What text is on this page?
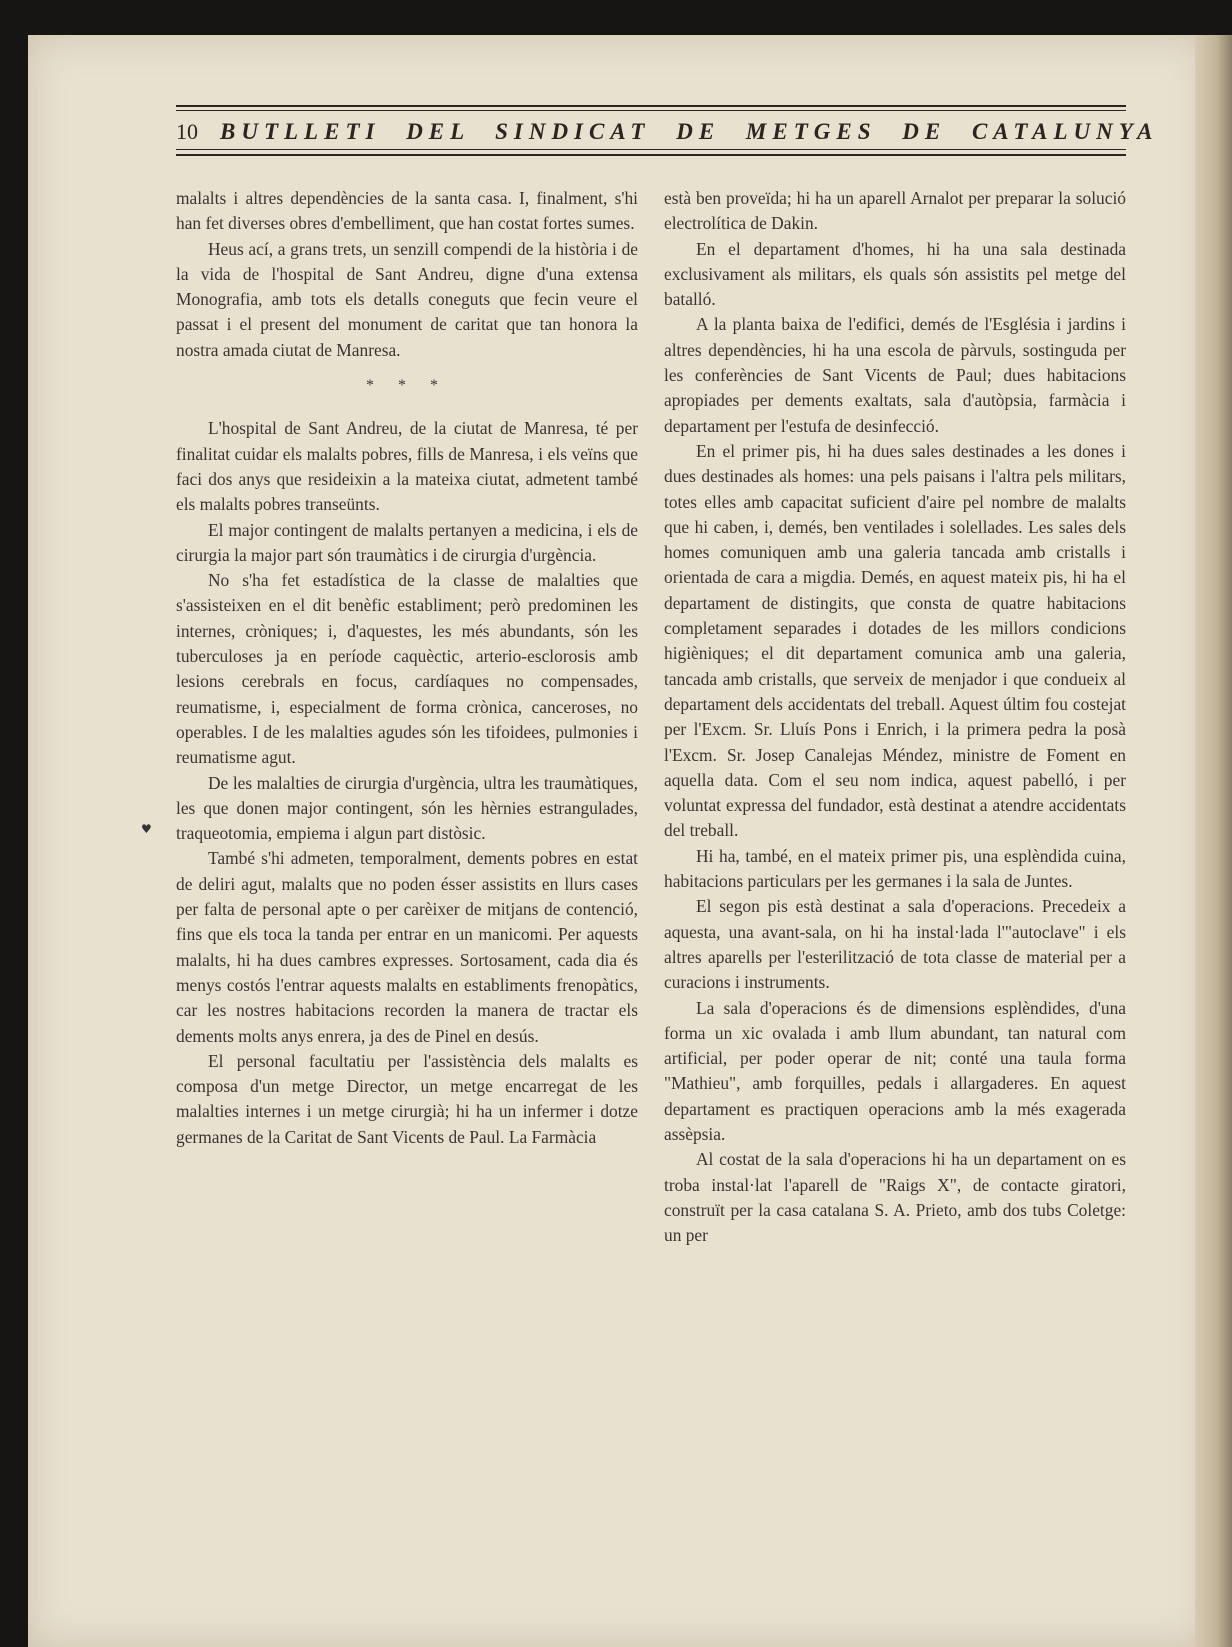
10 BUTLLETI DEL SINDICAT DE METGES DE CATALUNYA
♥

malalts i altres dependències de la santa casa. I, finalment, s'hi han fet diverses obres d'embelliment, que han costat fortes sumes.

Heus ací, a grans trets, un senzill compendi de la història i de la vida de l'hospital de Sant Andreu, digne d'una extensa Monografia, amb tots els detalls coneguts que fecin veure el passat i el present del monument de caritat que tan honora la nostra amada ciutat de Manresa.

* * *

L'hospital de Sant Andreu, de la ciutat de Manresa, té per finalitat cuidar els malalts pobres, fills de Manresa, i els veïns que faci dos anys que resideixin a la mateixa ciutat, admetent també els malalts pobres transeünts.

El major contingent de malalts pertanyen a medicina, i els de cirurgia la major part són traumàtics i de cirurgia d'urgència.

No s'ha fet estadística de la classe de malalties que s'assisteixen en el dit benèfic establiment; però predominen les internes, cròniques; i, d'aquestes, les més abundants, són les tuberculoses ja en període caquèctic, arterio-esclorosis amb lesions cerebrals en focus, cardíaques no compensades, reumatisme, i, especialment de forma crònica, canceroses, no operables. I de les malalties agudes són les tifoidees, pulmonies i reumatisme agut.

De les malalties de cirurgia d'urgència, ultra les traumàtiques, les que donen major contingent, són les hèrnies estrangulades, traqueotomia, empiema i algun part distòsic.

També s'hi admeten, temporalment, dements pobres en estat de deliri agut, malalts que no poden ésser assistits en llurs cases per falta de personal apte o per carèixer de mitjans de contenció, fins que els toca la tanda per entrar en un manicomi. Per aquests malalts, hi ha dues cambres expresses. Sortosament, cada dia és menys costós l'entrar aquests malalts en establiments frenopàtics, car les nostres habitacions recorden la manera de tractar els dements molts anys enrera, ja des de Pinel en desús.

El personal facultatiu per l'assistència dels malalts es composa d'un metge Director, un metge encarregat de les malalties internes i un metge cirurgià; hi ha un infermer i dotze germanes de la Caritat de Sant Vicents de Paul. La Farmàcia

està ben proveïda; hi ha un aparell Arnalot per preparar la solució electrolítica de Dakin.

En el departament d'homes, hi ha una sala destinada exclusivament als militars, els quals són assistits pel metge del batalló.

A la planta baixa de l'edifici, demés de l'Església i jardins i altres dependències, hi ha una escola de pàrvuls, sostinguda per les conferències de Sant Vicents de Paul; dues habitacions apropiades per dements exaltats, sala d'autòpsia, farmàcia i departament per l'estufa de desinfecció.

En el primer pis, hi ha dues sales destinades a les dones i dues destinades als homes: una pels paisans i l'altra pels militars, totes elles amb capacitat suficient d'aire pel nombre de malalts que hi caben, i, demés, ben ventilades i solellades. Les sales dels homes comuniquen amb una galeria tancada amb cristalls i orientada de cara a migdia. Demés, en aquest mateix pis, hi ha el departament de distingits, que consta de quatre habitacions completament separades i dotades de les millors condicions higièniques; el dit departament comunica amb una galeria, tancada amb cristalls, que serveix de menjador i que condueix al departament dels accidentats del treball. Aquest últim fou costejat per l'Excm. Sr. Lluís Pons i Enrich, i la primera pedra la posà l'Excm. Sr. Josep Canalejas Méndez, ministre de Foment en aquella data. Com el seu nom indica, aquest pabelló, i per voluntat expressa del fundador, està destinat a atendre accidentats del treball.

Hi ha, també, en el mateix primer pis, una esplèndida cuina, habitacions particulars per les germanes i la sala de Juntes.

El segon pis està destinat a sala d'operacions. Precedeix a aquesta, una avant-sala, on hi ha instal·lada l'"autoclave" i els altres aparells per l'esterilització de tota classe de material per a curacions i instruments.

La sala d'operacions és de dimensions esplèndides, d'una forma un xic ovalada i amb llum abundant, tan natural com artificial, per poder operar de nit; conté una taula forma "Mathieu", amb forquilles, pedals i allargaderes. En aquest departament es practiquen operacions amb la més exagerada assèpsia.

Al costat de la sala d'operacions hi ha un departament on es troba instal·lat l'aparell de "Raigs X", de contacte giratori, construït per la casa catalana S. A. Prieto, amb dos tubs Coletge: un per
